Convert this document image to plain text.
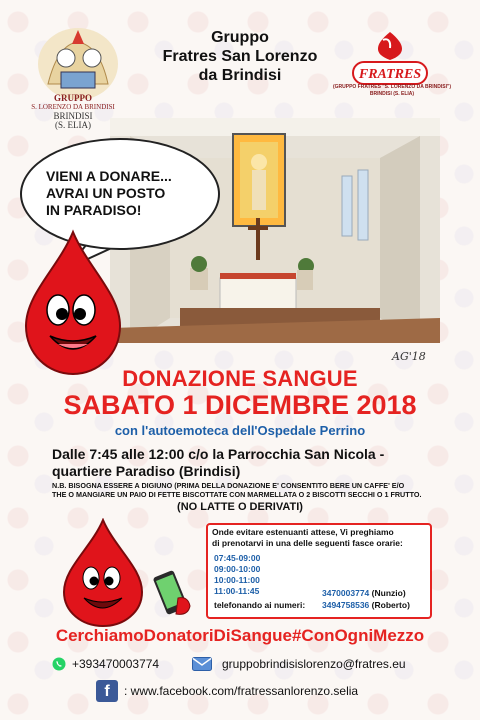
GRUPPO
S. LORENZO DA BRINDISI
BRINDISI
(S. ELIA)
Gruppo
Fratres San Lorenzo
da Brindisi	FRATRES
(GRUPPO FRATRES "S. LORENZO DA BRINDISI")
BRINDISI (S. ELIA)
VIENI A DONARE...
AVRAI UN POSTO
IN PARADISO!
AG'18
DONAZIONE SANGUE
SABATO 1 DICEMBRE 2018
con l'autoemoteca dell'Ospedale Perrino
Dalle 7:45 alle 12:00 c/o la Parrocchia San Nicola -
quartiere Paradiso (Brindisi)
N.B. BISOGNA ESSERE A DIGIUNO (PRIMA DELLA DONAZIONE E' CONSENTITO BERE UN CAFFE' E/O
THE O MANGIARE UN PAIO DI FETTE BISCOTTATE CON MARMELLATA O 2 BISCOTTI SECCHI O 1 FRUTTO.
(NO LATTE O DERIVATI)
Onde evitare estenuanti attese, Vi preghiamo
di prenotarvi in una delle seguenti fasce orarie:
07:45-09:00
09:00-10:00
10:00-11:00
11:00-11:45
telefonando ai numeri:
3470003774 (Nunzio)
3494758536 (Roberto)
CerchiamoDonatoriDiSangue#ConOgniMezzo
+393470003774	gruppobrindisislorenzo@fratres.eu
f	: www.facebook.com/fratressanlorenzo.selia
